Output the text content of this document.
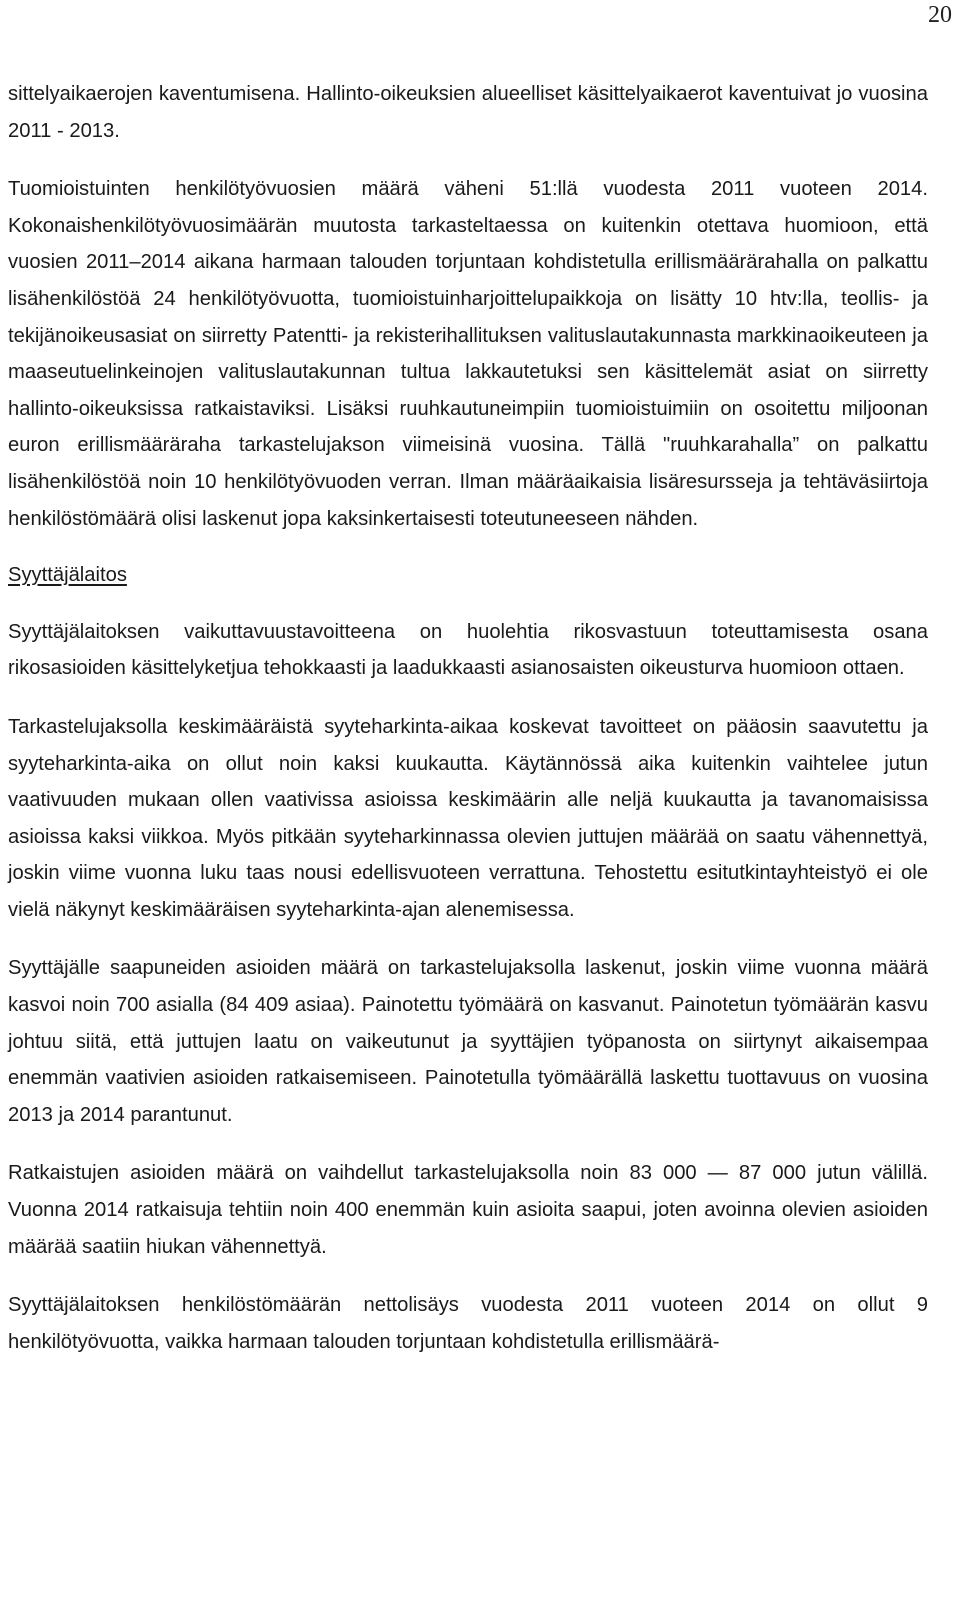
20

sittelyaikaerojen kaventumisena. Hallinto-oikeuksien alueelliset käsittelyaikaerot kaventuivat jo vuosina 2011 - 2013.

Tuomioistuinten henkilötyövuosien määrä väheni 51:llä vuodesta 2011 vuoteen 2014. Kokonaishenkilötyövuosimäärän muutosta tarkasteltaessa on kuitenkin otettava huomioon, että vuosien 2011–2014 aikana harmaan talouden torjuntaan kohdistetulla erillismäärärahalla on palkattu lisähenkilöstöä 24 henkilötyövuotta, tuomioistuinharjoittelupaikkoja on lisätty 10 htv:lla, teollis- ja tekijänoikeusasiat on siirretty Patentti- ja rekisterihallituksen valituslautakunnasta markkinaoikeuteen ja maaseutuelinkeinojen valituslautakunnan tultua lakkautetuksi sen käsittelemät asiat on siirretty hallinto-oikeuksissa ratkaistaviksi. Lisäksi ruuhkautuneimpiin tuomioistuimiin on osoitettu miljoonan euron erillismääräraha tarkastelujakson viimeisinä vuosina. Tällä "ruuhkarahalla” on palkattu lisähenkilöstöä noin 10 henkilötyövuoden verran. Ilman määräaikaisia lisäresursseja ja tehtäväsiirtoja henkilöstömäärä olisi laskenut jopa kaksinkertaisesti toteutuneeseen nähden.

Syyttäjälaitos

Syyttäjälaitoksen vaikuttavuustavoitteena on huolehtia rikosvastuun toteuttamisesta osana rikosasioiden käsittelyketjua tehokkaasti ja laadukkaasti asianosaisten oikeusturva huomioon ottaen.

Tarkastelujaksolla keskimääräistä syyteharkinta-aikaa koskevat tavoitteet on pääosin saavutettu ja syyteharkinta-aika on ollut noin kaksi kuukautta. Käytännössä aika kuitenkin vaihtelee jutun vaativuuden mukaan ollen vaativissa asioissa keskimäärin alle neljä kuukautta ja tavanomaisissa asioissa kaksi viikkoa. Myös pitkään syyteharkinnassa olevien juttujen määrää on saatu vähennettyä, joskin viime vuonna luku taas nousi edellisvuoteen verrattuna. Tehostettu esitutkintayhteistyö ei ole vielä näkynyt keskimääräisen syyteharkinta-ajan alenemisessa.

Syyttäjälle saapuneiden asioiden määrä on tarkastelujaksolla laskenut, joskin viime vuonna määrä kasvoi noin 700 asialla (84 409 asiaa). Painotettu työmäärä on kasvanut. Painotetun työmäärän kasvu johtuu siitä, että juttujen laatu on vaikeutunut ja syyttäjien työpanosta on siirtynyt aikaisempaa enemmän vaativien asioiden ratkaisemiseen. Painotetulla työmäärällä laskettu tuottavuus on vuosina 2013 ja 2014 parantunut.

Ratkaistujen asioiden määrä on vaihdellut tarkastelujaksolla noin 83 000 — 87 000 jutun välillä. Vuonna 2014 ratkaisuja tehtiin noin 400 enemmän kuin asioita saapui, joten avoinna olevien asioiden määrää saatiin hiukan vähennettyä.

Syyttäjälaitoksen henkilöstömäärän nettolisäys vuodesta 2011 vuoteen 2014 on ollut 9 henkilötyövuotta, vaikka harmaan talouden torjuntaan kohdistetulla erillismäärä-
